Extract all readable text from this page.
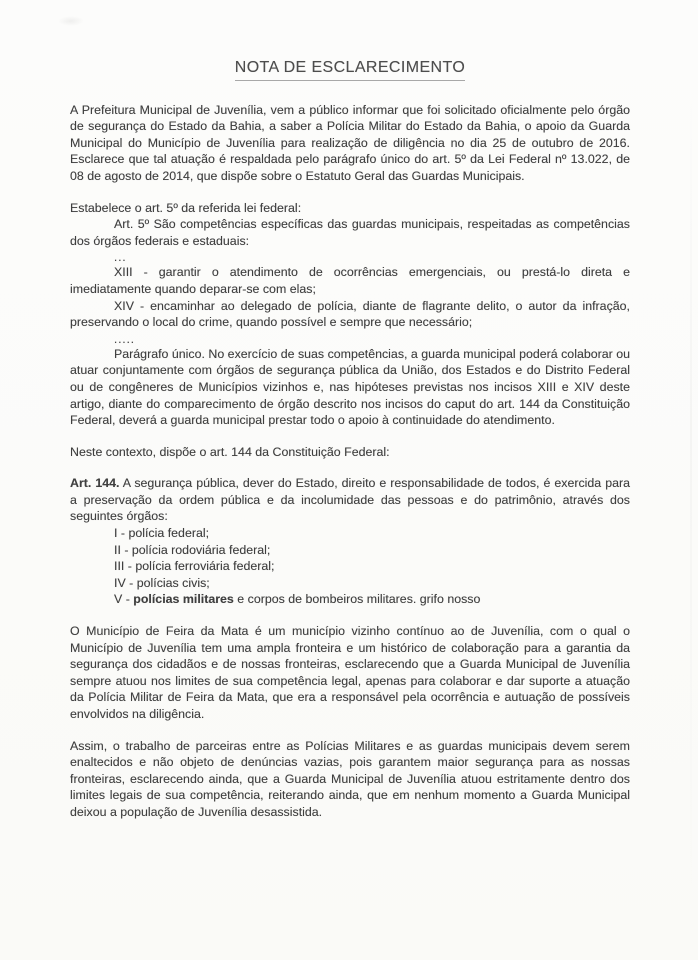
NOTA DE ESCLARECIMENTO

A Prefeitura Municipal de Juvenília, vem a público informar que foi solicitado oficialmente pelo órgão de segurança do Estado da Bahia, a saber a Polícia Militar do Estado da Bahia, o apoio da Guarda Municipal do Município de Juvenília para realização de diligência no dia 25 de outubro de 2016. Esclarece que tal atuação é respaldada pelo parágrafo único do art. 5º da Lei Federal nº 13.022, de 08 de agosto de 2014, que dispõe sobre o Estatuto Geral das Guardas Municipais.

Estabelece o art. 5º da referida lei federal:

Art. 5º São competências específicas das guardas municipais, respeitadas as competências dos órgãos federais e estaduais:

...

XIII - garantir o atendimento de ocorrências emergenciais, ou prestá-lo direta e imediatamente quando deparar-se com elas;

XIV - encaminhar ao delegado de polícia, diante de flagrante delito, o autor da infração, preservando o local do crime, quando possível e sempre que necessário;

.....

Parágrafo único. No exercício de suas competências, a guarda municipal poderá colaborar ou atuar conjuntamente com órgãos de segurança pública da União, dos Estados e do Distrito Federal ou de congêneres de Municípios vizinhos e, nas hipóteses previstas nos incisos XIII e XIV deste artigo, diante do comparecimento de órgão descrito nos incisos do caput do art. 144 da Constituição Federal, deverá a guarda municipal prestar todo o apoio à continuidade do atendimento.

Neste contexto, dispõe o art. 144 da Constituição Federal:

Art. 144. A segurança pública, dever do Estado, direito e responsabilidade de todos, é exercida para a preservação da ordem pública e da incolumidade das pessoas e do patrimônio, através dos seguintes órgãos:

I - polícia federal;

II - polícia rodoviária federal;

III - polícia ferroviária federal;

IV - polícias civis;

V - polícias militares e corpos de bombeiros militares. grifo nosso

O Município de Feira da Mata é um município vizinho contínuo ao de Juvenília, com o qual o Município de Juvenília tem uma ampla fronteira e um histórico de colaboração para a garantia da segurança dos cidadãos e de nossas fronteiras, esclarecendo que a Guarda Municipal de Juvenília sempre atuou nos limites de sua competência legal, apenas para colaborar e dar suporte a atuação da Polícia Militar de Feira da Mata, que era a responsável pela ocorrência e autuação de possíveis envolvidos na diligência.

Assim, o trabalho de parceiras entre as Polícias Militares e as guardas municipais devem serem enaltecidos e não objeto de denúncias vazias, pois garantem maior segurança para as nossas fronteiras, esclarecendo ainda, que a Guarda Municipal de Juvenília atuou estritamente dentro dos limites legais de sua competência, reiterando ainda, que em nenhum momento a Guarda Municipal deixou a população de Juvenília desassistida.
